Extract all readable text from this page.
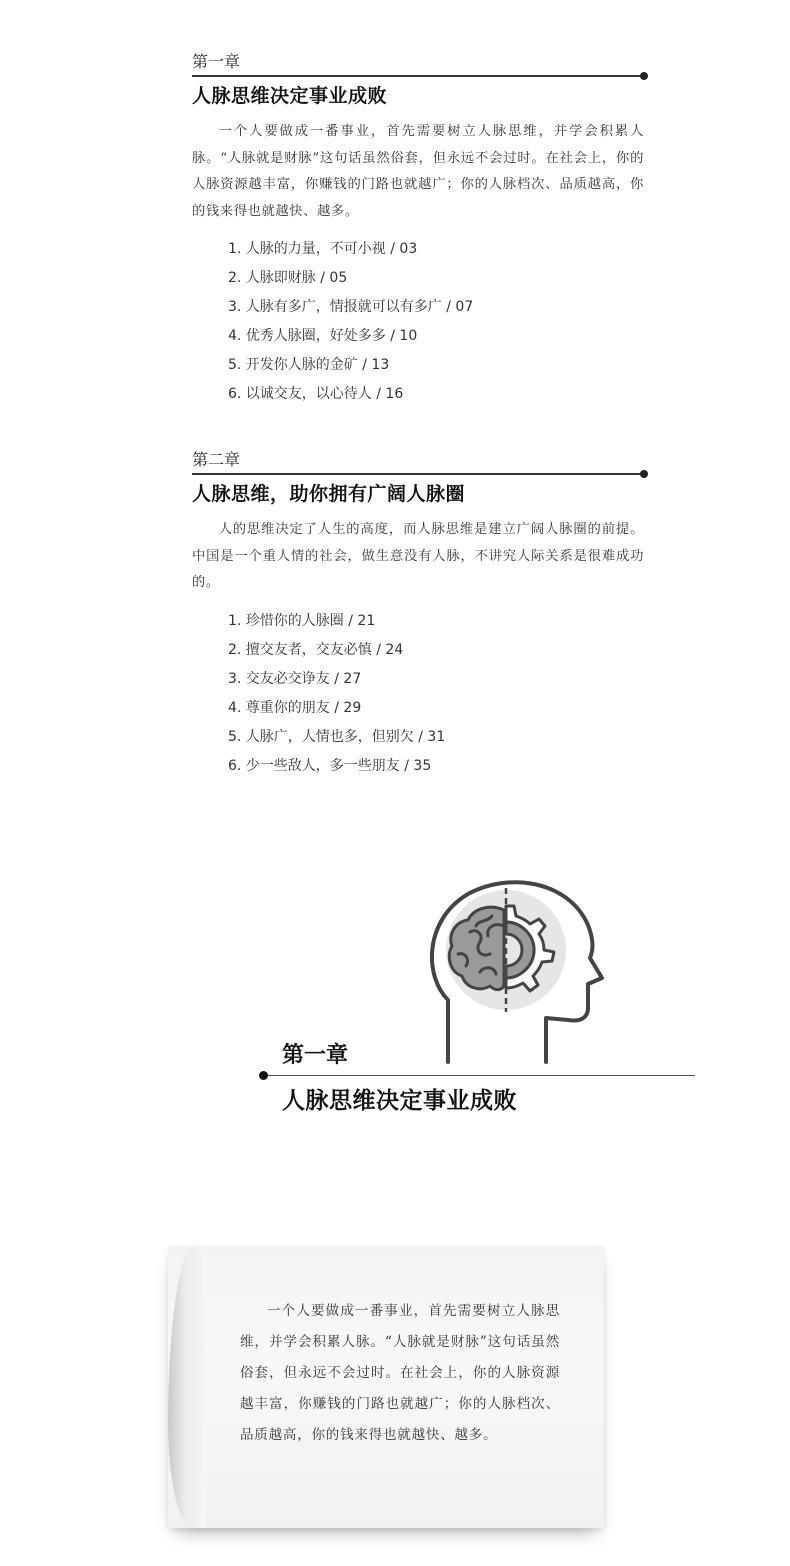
第一章
人脉思维决定事业成败

一个人要做成一番事业，首先需要树立人脉思维，并学会积累人脉。“人脉就是财脉”这句话虽然俗套，但永远不会过时。在社会上，你的人脉资源越丰富，你赚钱的门路也就越广；你的人脉档次、品质越高，你的钱来得也就越快、越多。

1. 人脉的力量，不可小视 / 03
2. 人脉即财脉 / 05
3. 人脉有多广，情报就可以有多广 / 07
4. 优秀人脉圈，好处多多 / 10
5. 开发你人脉的金矿 / 13
6. 以诚交友，以心待人 / 16
第二章
人脉思维，助你拥有广阔人脉圈

人的思维决定了人生的高度，而人脉思维是建立广阔人脉圈的前提。中国是一个重人情的社会，做生意没有人脉，不讲究人际关系是很难成功的。

1. 珍惜你的人脉圈 / 21
2. 擅交友者，交友必慎 / 24
3. 交友必交诤友 / 27
4. 尊重你的朋友 / 29
5. 人脉广，人情也多，但别欠 / 31
6. 少一些敌人，多一些朋友 / 35
第一章
人脉思维决定事业成败

一个人要做成一番事业，首先需要树立人脉思维，并学会积累人脉。“人脉就是财脉”这句话虽然俗套，但永远不会过时。在社会上，你的人脉资源越丰富，你赚钱的门路也就越广；你的人脉档次、品质越高，你的钱来得也就越快、越多。
